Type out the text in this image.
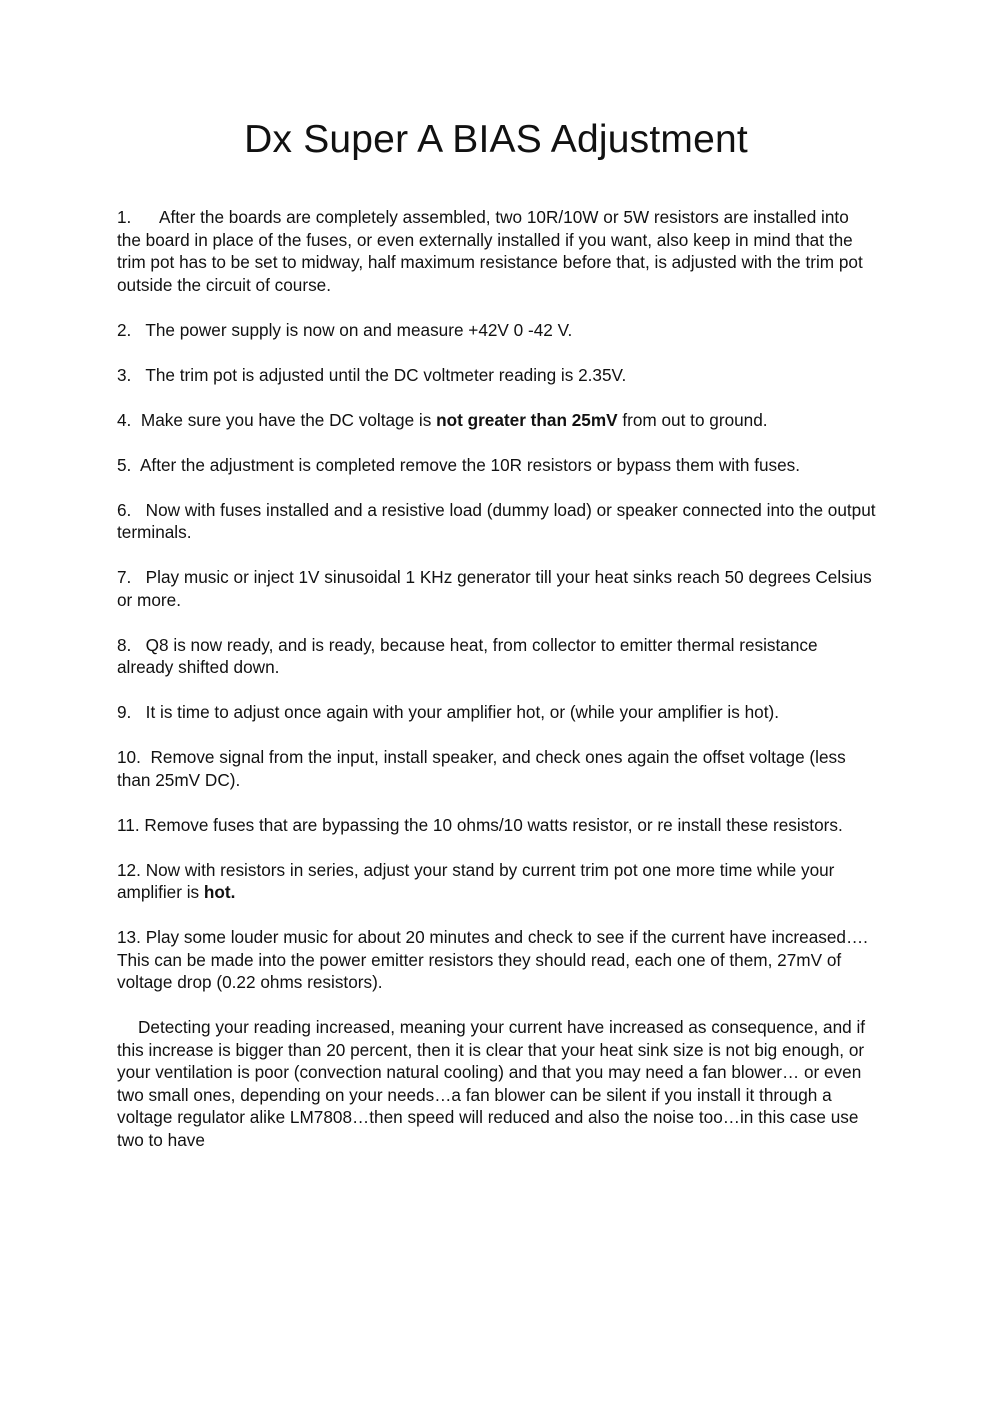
Dx Super A BIAS Adjustment

1. After the boards are completely assembled, two 10R/10W or 5W resistors are installed into the board in place of the fuses, or even externally installed if you want, also keep in mind that the trim pot has to be set to midway, half maximum resistance before that, is adjusted with the trim pot outside the circuit of course.

2. The power supply is now on and measure +42V 0 -42 V.

3. The trim pot is adjusted until the DC voltmeter reading is 2.35V.

4. Make sure you have the DC voltage is not greater than 25mV from out to ground.

5. After the adjustment is completed remove the 10R resistors or bypass them with fuses.

6. Now with fuses installed and a resistive load (dummy load) or speaker connected into the output terminals.

7. Play music or inject 1V sinusoidal 1 KHz generator till your heat sinks reach 50 degrees Celsius or more.

8. Q8 is now ready, and is ready, because heat, from collector to emitter thermal resistance already shifted down.

9. It is time to adjust once again with your amplifier hot, or (while your amplifier is hot).

10. Remove signal from the input, install speaker, and check ones again the offset voltage (less than 25mV DC).

11. Remove fuses that are bypassing the 10 ohms/10 watts resistor, or re install these resistors.

12. Now with resistors in series, adjust your stand by current trim pot one more time while your amplifier is hot.

13. Play some louder music for about 20 minutes and check to see if the current have increased…. This can be made into the power emitter resistors they should read, each one of them, 27mV of voltage drop (0.22 ohms resistors).

Detecting your reading increased, meaning your current have increased as consequence, and if this increase is bigger than 20 percent, then it is clear that your heat sink size is not big enough, or your ventilation is poor (convection natural cooling) and that you may need a fan blower… or even two small ones, depending on your needs…a fan blower can be silent if you install it through a voltage regulator alike LM7808…then speed will reduced and also the noise too…in this case use two to have
